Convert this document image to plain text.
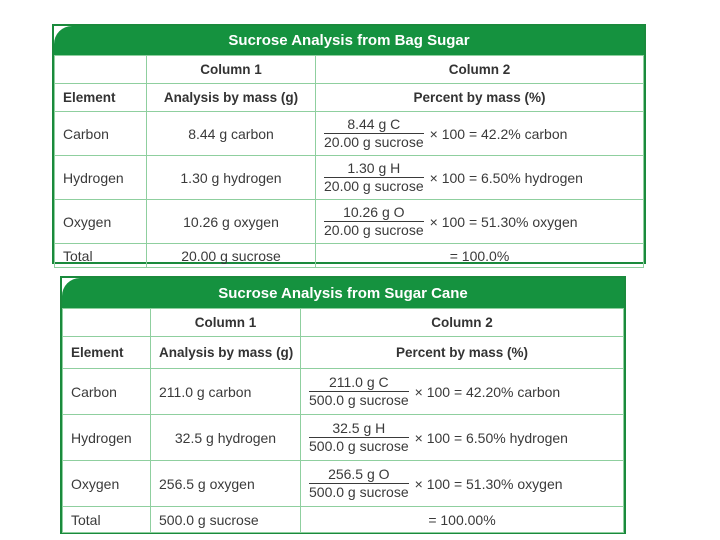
Sucrose Analysis from Bag Sugar
	Column 1	Column 2
Element	Analysis by mass (g)	Percent by mass (%)
Carbon	8.44 g carbon	$\frac{\text{8.44 g C}}{\text{20.00 g sucrose}} \times 100 = 42.2\%$ carbon

Hydrogen	1.30 g hydrogen	$\frac{\text{1.30 g H}}{\text{20.00 g sucrose}} \times 100 = 6.50\%$ hydrogen

Oxygen	10.26 g oxygen	$\frac{\text{10.26 g O}}{\text{20.00 g sucrose}} \times 100 = 51.30\%$ oxygen

Total	20.00 g sucrose	= 100.0%
Sucrose Analysis from Sugar Cane
	Column 1	Column 2
Element	Analysis by mass (g)	Percent by mass (%)
Carbon	211.0 g carbon	$\frac{\text{211.0 g C}}{\text{500.0 g sucrose}} \times 100 = 42.20\%$ carbon

Hydrogen	32.5 g hydrogen	$\frac{\text{32.5 g H}}{\text{500.0 g sucrose}} \times 100 = 6.50\%$ hydrogen

Oxygen	256.5 g oxygen	$\frac{\text{256.5 g O}}{\text{500.0 g sucrose}} \times 100 = 51.30\%$ oxygen

Total	500.0 g sucrose	= 100.00%
